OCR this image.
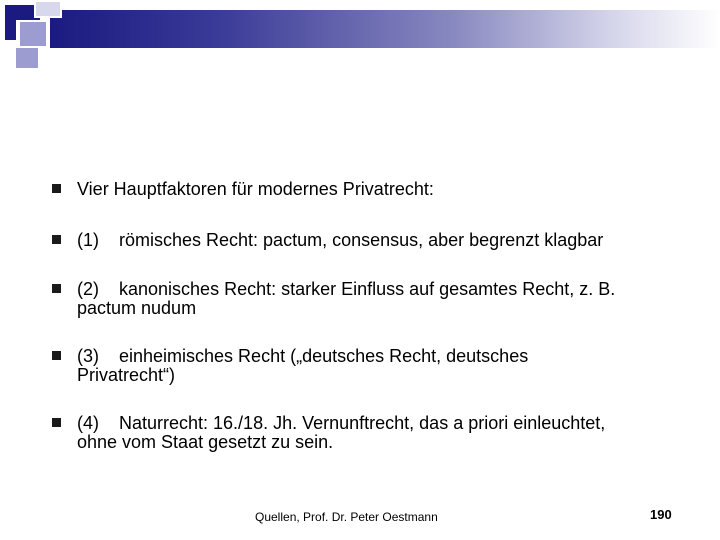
Vier Hauptfaktoren für modernes Privatrecht:
(1)    römisches Recht: pactum, consensus, aber begrenzt klagbar
(2)    kanonisches Recht: starker Einfluss auf gesamtes Recht, z. B.
pactum nudum
(3)    einheimisches Recht („deutsches Recht, deutsches
Privatrecht“)
(4)    Naturrecht: 16./18. Jh. Vernunftrecht, das a priori einleuchtet,
ohne vom Staat gesetzt zu sein.
Quellen, Prof. Dr. Peter Oestmann	190
